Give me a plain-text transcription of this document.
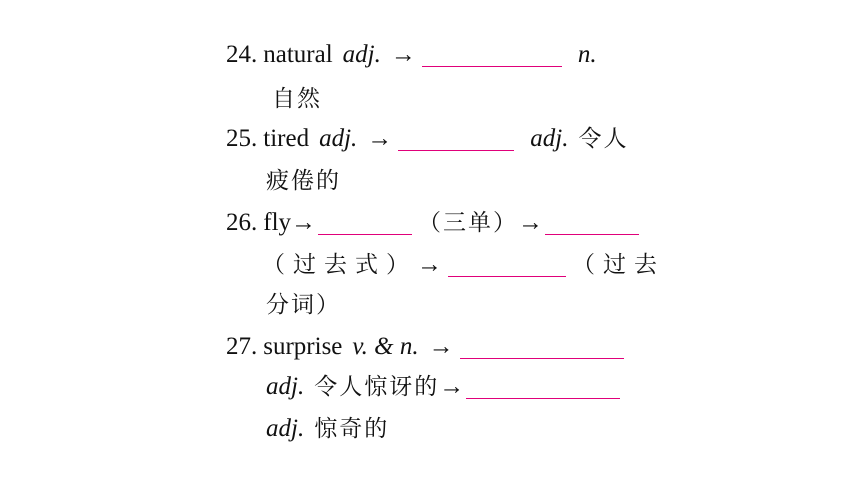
24. natural adj. →	n.
自然
25. tired adj. →	adj. 令人
疲倦的
26. fly →	（三单） →
（过去式） →	（过去
分词）
27. surprise v. & n. →
adj. 令人惊讶的 →
adj. 惊奇的
